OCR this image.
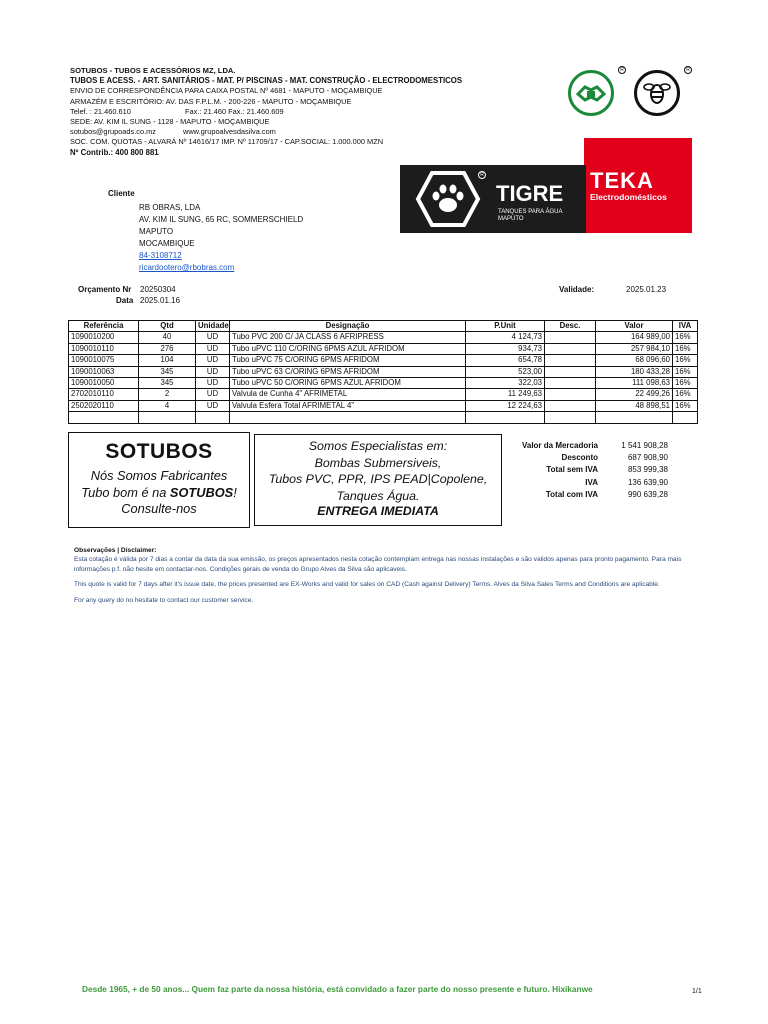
SOTUBOS - TUBOS E ACESSÓRIOS MZ, LDA.
TUBOS E ACESS. - ART. SANITÁRIOS - MAT. P/ PISCINAS - MAT. CONSTRUÇÃO - ELECTRODOMESTICOS
ENVIO DE CORRESPONDÊNCIA PARA CAIXA POSTAL Nº 4681 - MAPUTO - MOÇAMBIQUE
ARMAZÉM E ESCRITÓRIO: AV. DAS F.P.L.M. - 200-226 - MAPUTO - MOÇAMBIQUE
Telef. : 21.460.610	Fax.: 21.460 Fax.: 21.460.609
SEDE: AV. KIM IL SUNG - 1128 - MAPUTO - MOÇAMBIQUE
sotubos@grupoads.co.mz	www.grupoalvesdasilva.com
SOC. COM. QUOTAS - ALVARÁ Nº 14616/17 IMP. Nº 11709/17 - CAP.SOCIAL: 1.000.000 MZN
Nº Contrib.: 400 800 881
R	R
TEKA
Electrodomésticos
R
TIGRE
TANQUES PARA ÁGUA
MAPUTO
Cliente
RB OBRAS, LDA
AV. KIM IL SUNG, 65 RC, SOMMERSCHIELD
MAPUTO
MOCAMBIQUE
84-3108712
ricardootero@rbobras.com
Orçamento Nr 20250304
Data 2025.01.16
Validade:	2025.01.23
Referência	Qtd	Unidade	Designação	P.Unit	Desc.	Valor	IVA
1090010200	40	UD	Tubo PVC 200 C/ JA CLASS 6 AFRIPRESS	4 124,73		164 989,00	16%
1090010110	276	UD	Tubo uPVC 110 C/ORING 6PMS AZUL AFRIDOM	934,73		257 984,10	16%
1090010075	104	UD	Tubo uPVC 75 C/ORING 6PMS AFRIDOM	654,78		68 096,60	16%
1090010063	345	UD	Tubo uPVC 63 C/ORING 6PMS AFRIDOM	523,00		180 433,28	16%
1090010050	345	UD	Tubo uPVC 50 C/ORING 6PMS AZUL AFRIDOM	322,03		111 098,63	16%
2702010110	2	UD	Valvula de Cunha 4" AFRIMETAL	11 249,63		22 499,26	16%
2502020110	4	UD	Valvula Esfera Total AFRIMETAL 4"	12 224,63		48 898,51	16%

SOTUBOS
Nós Somos Fabricantes
Tubo bom é na SOTUBOS!
Consulte-nos
Somos Especialistas em:
Bombas Submersiveis,
Tubos PVC, PPR, IPS PEAD|Copolene,
Tanques Água.
ENTREGA IMEDIATA
Valor da Mercadoria	1 541 908,28
Desconto	687 908,90
Total sem IVA	853 999,38
IVA	136 639,90
Total com IVA	990 639,28
Observações | Disclaimer:

Esta cotação é válida por 7 dias a contar da data da sua emissão, os preços apresentados nesta cotação contemplam entrega nas nossas instalações e são validos apenas para pronto pagamento. Para mais informações p.f. não hesite em contactar-nos. Condições gerais de venda do Grupo Alves da Silva são aplicaveis.

This quote is valid for 7 days after it's issue date, the prices presented are EX-Works and valid for sales on CAD (Cash against Delivery) Terms. Alves da Silva Sales Terms and Conditions are aplicable.

For any query do no hesitate to contact our customer service.

Desde 1965, + de 50 anos... Quem faz parte da nossa história, está convidado a fazer parte do nosso presente e futuro. Hixikanwe	1/1
